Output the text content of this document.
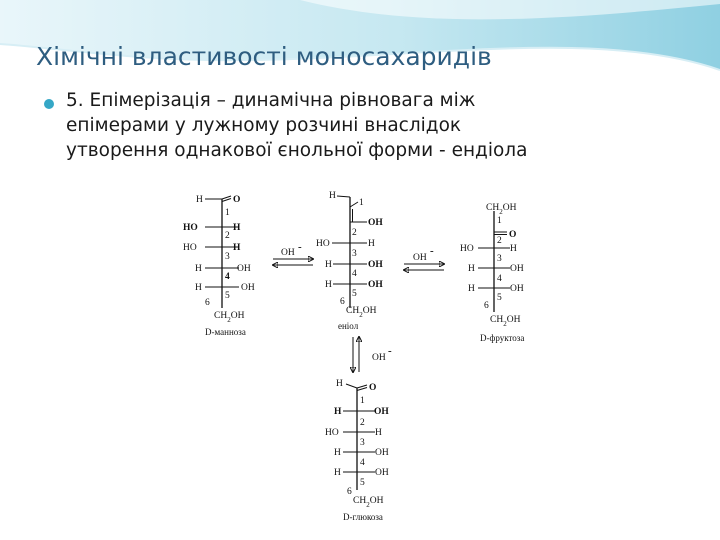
Хімічні властивості моносахаридів

5. Епімерізація – динамічна рівновага між
епімерами у лужному розчині внаслідок
утворення однакової єнольної форми - ендіола

H	O
1
HO	H
2
HO	H
3
H	OH
4
H	OH
5
6
$CH_2OH$
D-манноза
OH -
H
1
OH
2
HO	H
3
H	OH
4
H	OH
5
6
$CH_2OH$
еніол
OH
-
$CH_2OH$
1
O
2
HO	H
3
H	OH
4
H	OH
5
6
$CH_2OH$
D-фруктоза
OH
-
H	O
1
H	OH
2
HO	H
3
H	OH
4
H	OH
5
6
$CH_2OH$
D-глюкоза
